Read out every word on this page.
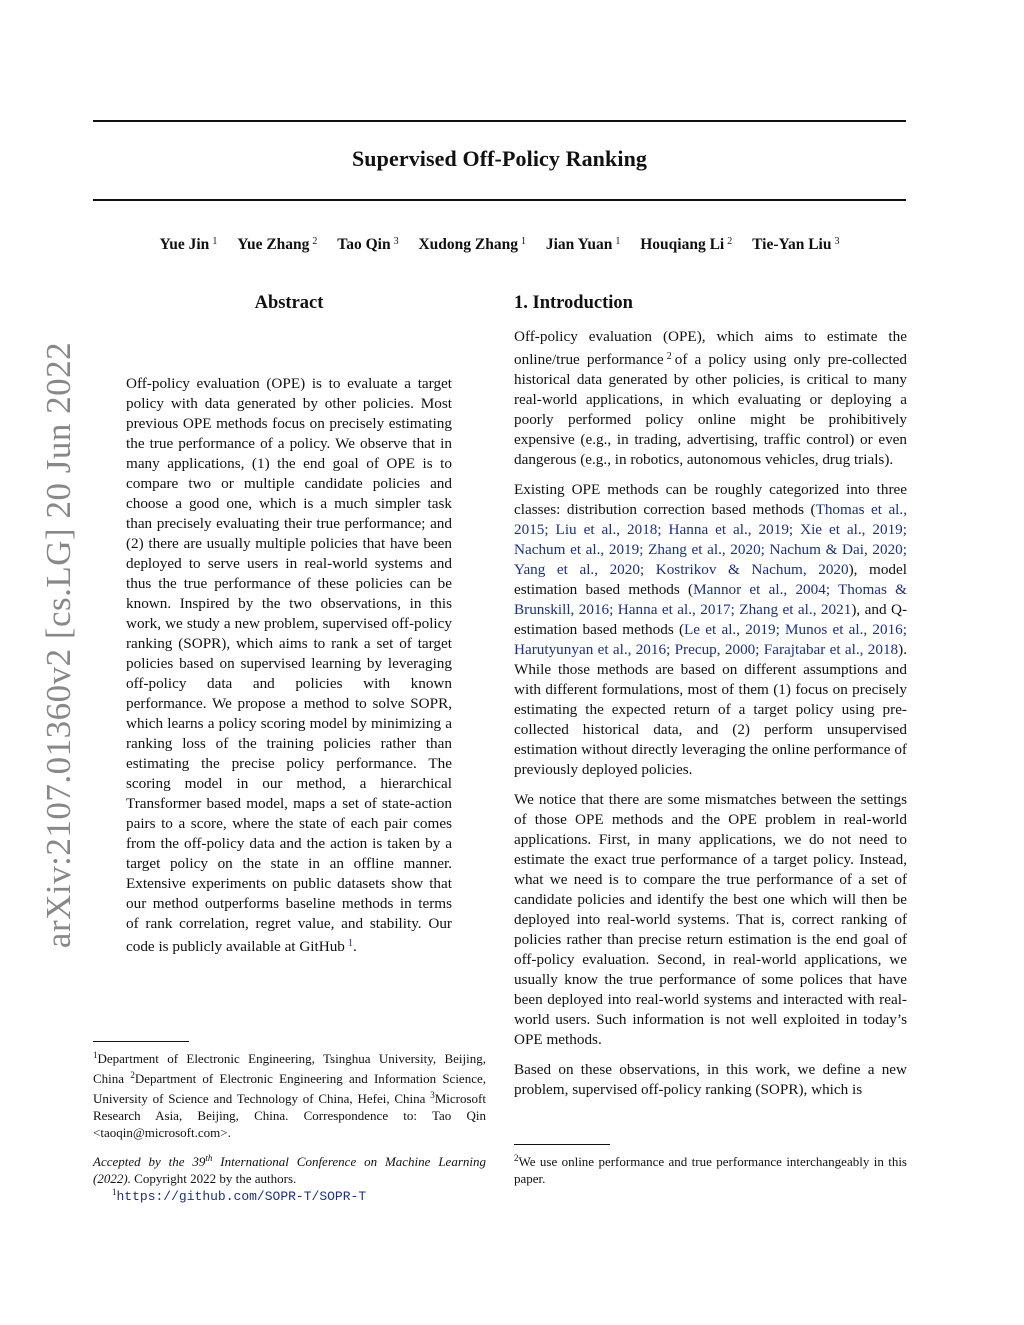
Supervised Off-Policy Ranking
Yue Jin $^1$ Yue Zhang $^2$ Tao Qin $^3$ Xudong Zhang $^1$ Jian Yuan $^1$ Houqiang Li $^2$ Tie-Yan Liu $^3$
arXiv:2107.01360v2 [cs.LG] 20 Jun 2022
Abstract
Off-policy evaluation (OPE) is to evaluate a target policy with data generated by other policies. Most previous OPE methods focus on precisely estimating the true performance of a policy. We observe that in many applications, (1) the end goal of OPE is to compare two or multiple candidate policies and choose a good one, which is a much simpler task than precisely evaluating their true performance; and (2) there are usually multiple policies that have been deployed to serve users in real-world systems and thus the true performance of these policies can be known. Inspired by the two observations, in this work, we study a new problem, supervised off-policy ranking (SOPR), which aims to rank a set of target policies based on supervised learning by leveraging off-policy data and policies with known performance. We propose a method to solve SOPR, which learns a policy scoring model by minimizing a ranking loss of the training policies rather than estimating the precise policy performance. The scoring model in our method, a hierarchical Transformer based model, maps a set of state-action pairs to a score, where the state of each pair comes from the off-policy data and the action is taken by a target policy on the state in an offline manner. Extensive experiments on public datasets show that our method outperforms baseline methods in terms of rank correlation, regret value, and stability. Our code is publicly available at GitHub  $^1$.
1. Introduction

Off-policy evaluation (OPE), which aims to estimate the online/true performance  $^2$  of a policy using only pre-collected historical data generated by other policies, is critical to many real-world applications, in which evaluating or deploying a poorly performed policy online might be prohibitively expensive (e.g., in trading, advertising, traffic control) or even dangerous (e.g., in robotics, autonomous vehicles, drug trials).

Existing OPE methods can be roughly categorized into three classes: distribution correction based methods (Thomas et al., 2015; Liu et al., 2018; Hanna et al., 2019; Xie et al., 2019; Nachum et al., 2019; Zhang et al., 2020; Nachum & Dai, 2020; Yang et al., 2020; Kostrikov & Nachum, 2020), model estimation based methods (Mannor et al., 2004; Thomas & Brunskill, 2016; Hanna et al., 2017; Zhang et al., 2021), and Q-estimation based methods (Le et al., 2019; Munos et al., 2016; Harutyunyan et al., 2016; Precup, 2000; Farajtabar et al., 2018). While those methods are based on different assumptions and with different formulations, most of them (1) focus on precisely estimating the expected return of a target policy using pre-collected historical data, and (2) perform unsupervised estimation without directly leveraging the online performance of previously deployed policies.

We notice that there are some mismatches between the settings of those OPE methods and the OPE problem in real-world applications. First, in many applications, we do not need to estimate the exact true performance of a target policy. Instead, what we need is to compare the true performance of a set of candidate policies and identify the best one which will then be deployed into real-world systems. That is, correct ranking of policies rather than precise return estimation is the end goal of off-policy evaluation. Second, in real-world applications, we usually know the true performance of some polices that have been deployed into real-world systems and interacted with real-world users. Such information is not well exploited in today’s OPE methods.

Based on these observations, in this work, we define a new problem, supervised off-policy ranking (SOPR), which is

$^1$Department of Electronic Engineering, Tsinghua University, Beijing, China $^2$Department of Electronic Engineering and Information Science, University of Science and Technology of China, Hefei, China $^3$Microsoft Research Asia, Beijing, China. Correspondence to: Tao Qin <taoqin@microsoft.com>.
Accepted by the 39th International Conference on Machine Learning (2022). Copyright 2022 by the authors.
$^1$https://github.com/SOPR-T/SOPR-T
$^2$We use online performance and true performance interchangeably in this paper.
